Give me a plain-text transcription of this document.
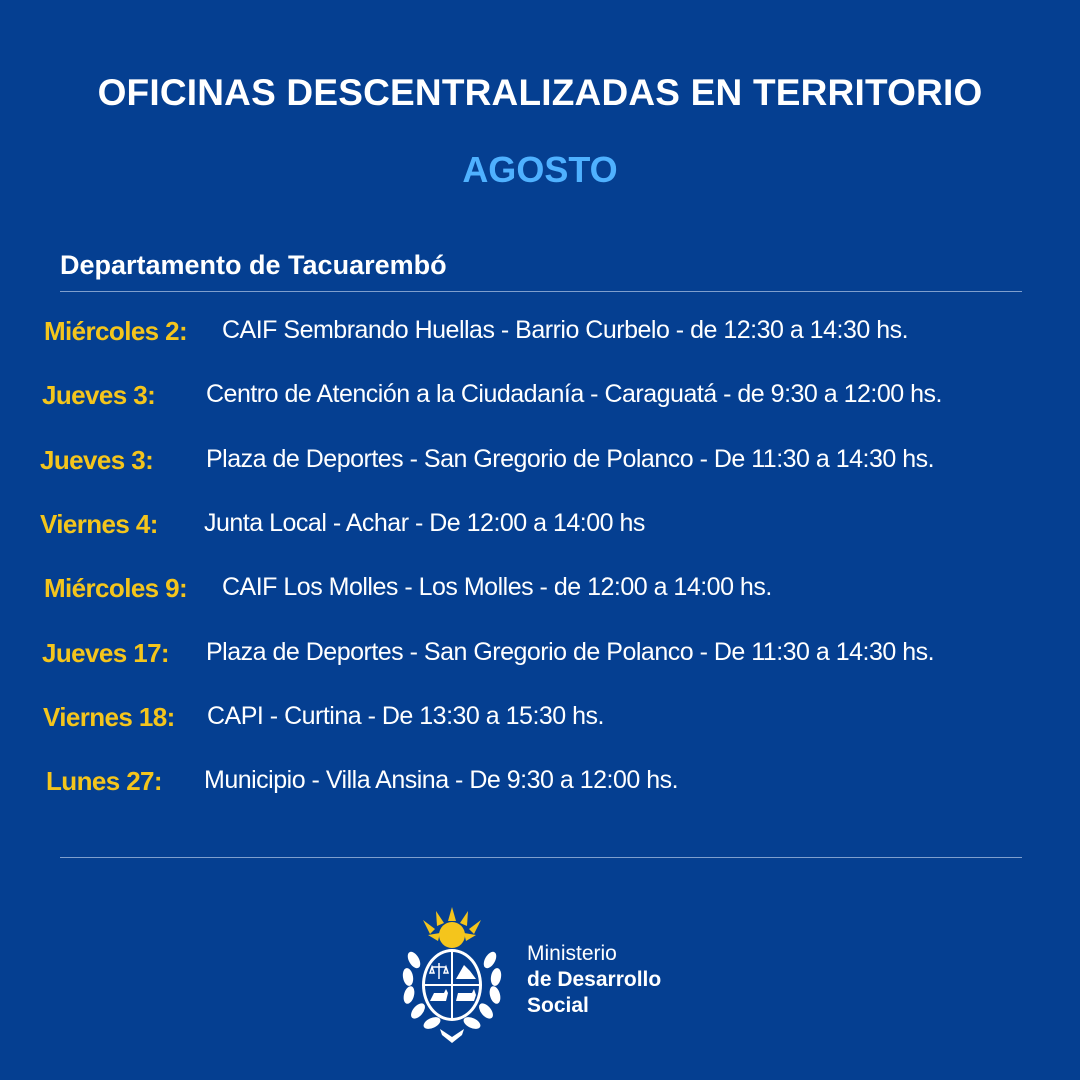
OFICINAS DESCENTRALIZADAS EN TERRITORIO
AGOSTO
Departamento de Tacuarembó
Miércoles 2: CAIF Sembrando Huellas - Barrio Curbelo - de 12:30 a 14:30 hs.
Jueves 3: Centro de Atención a la Ciudadanía - Caraguatá - de 9:30 a 12:00 hs.
Jueves 3: Plaza de Deportes - San Gregorio de Polanco - De 11:30 a 14:30 hs.
Viernes 4: Junta Local - Achar - De 12:00 a 14:00 hs
Miércoles 9: CAIF Los Molles - Los Molles - de 12:00 a 14:00 hs.
Jueves 17: Plaza de Deportes - San Gregorio de Polanco - De 11:30 a 14:30 hs.
Viernes 18: CAPI - Curtina - De 13:30 a 15:30 hs.
Lunes 27: Municipio - Villa Ansina - De 9:30 a 12:00 hs.
Ministerio
de Desarrollo
Social
